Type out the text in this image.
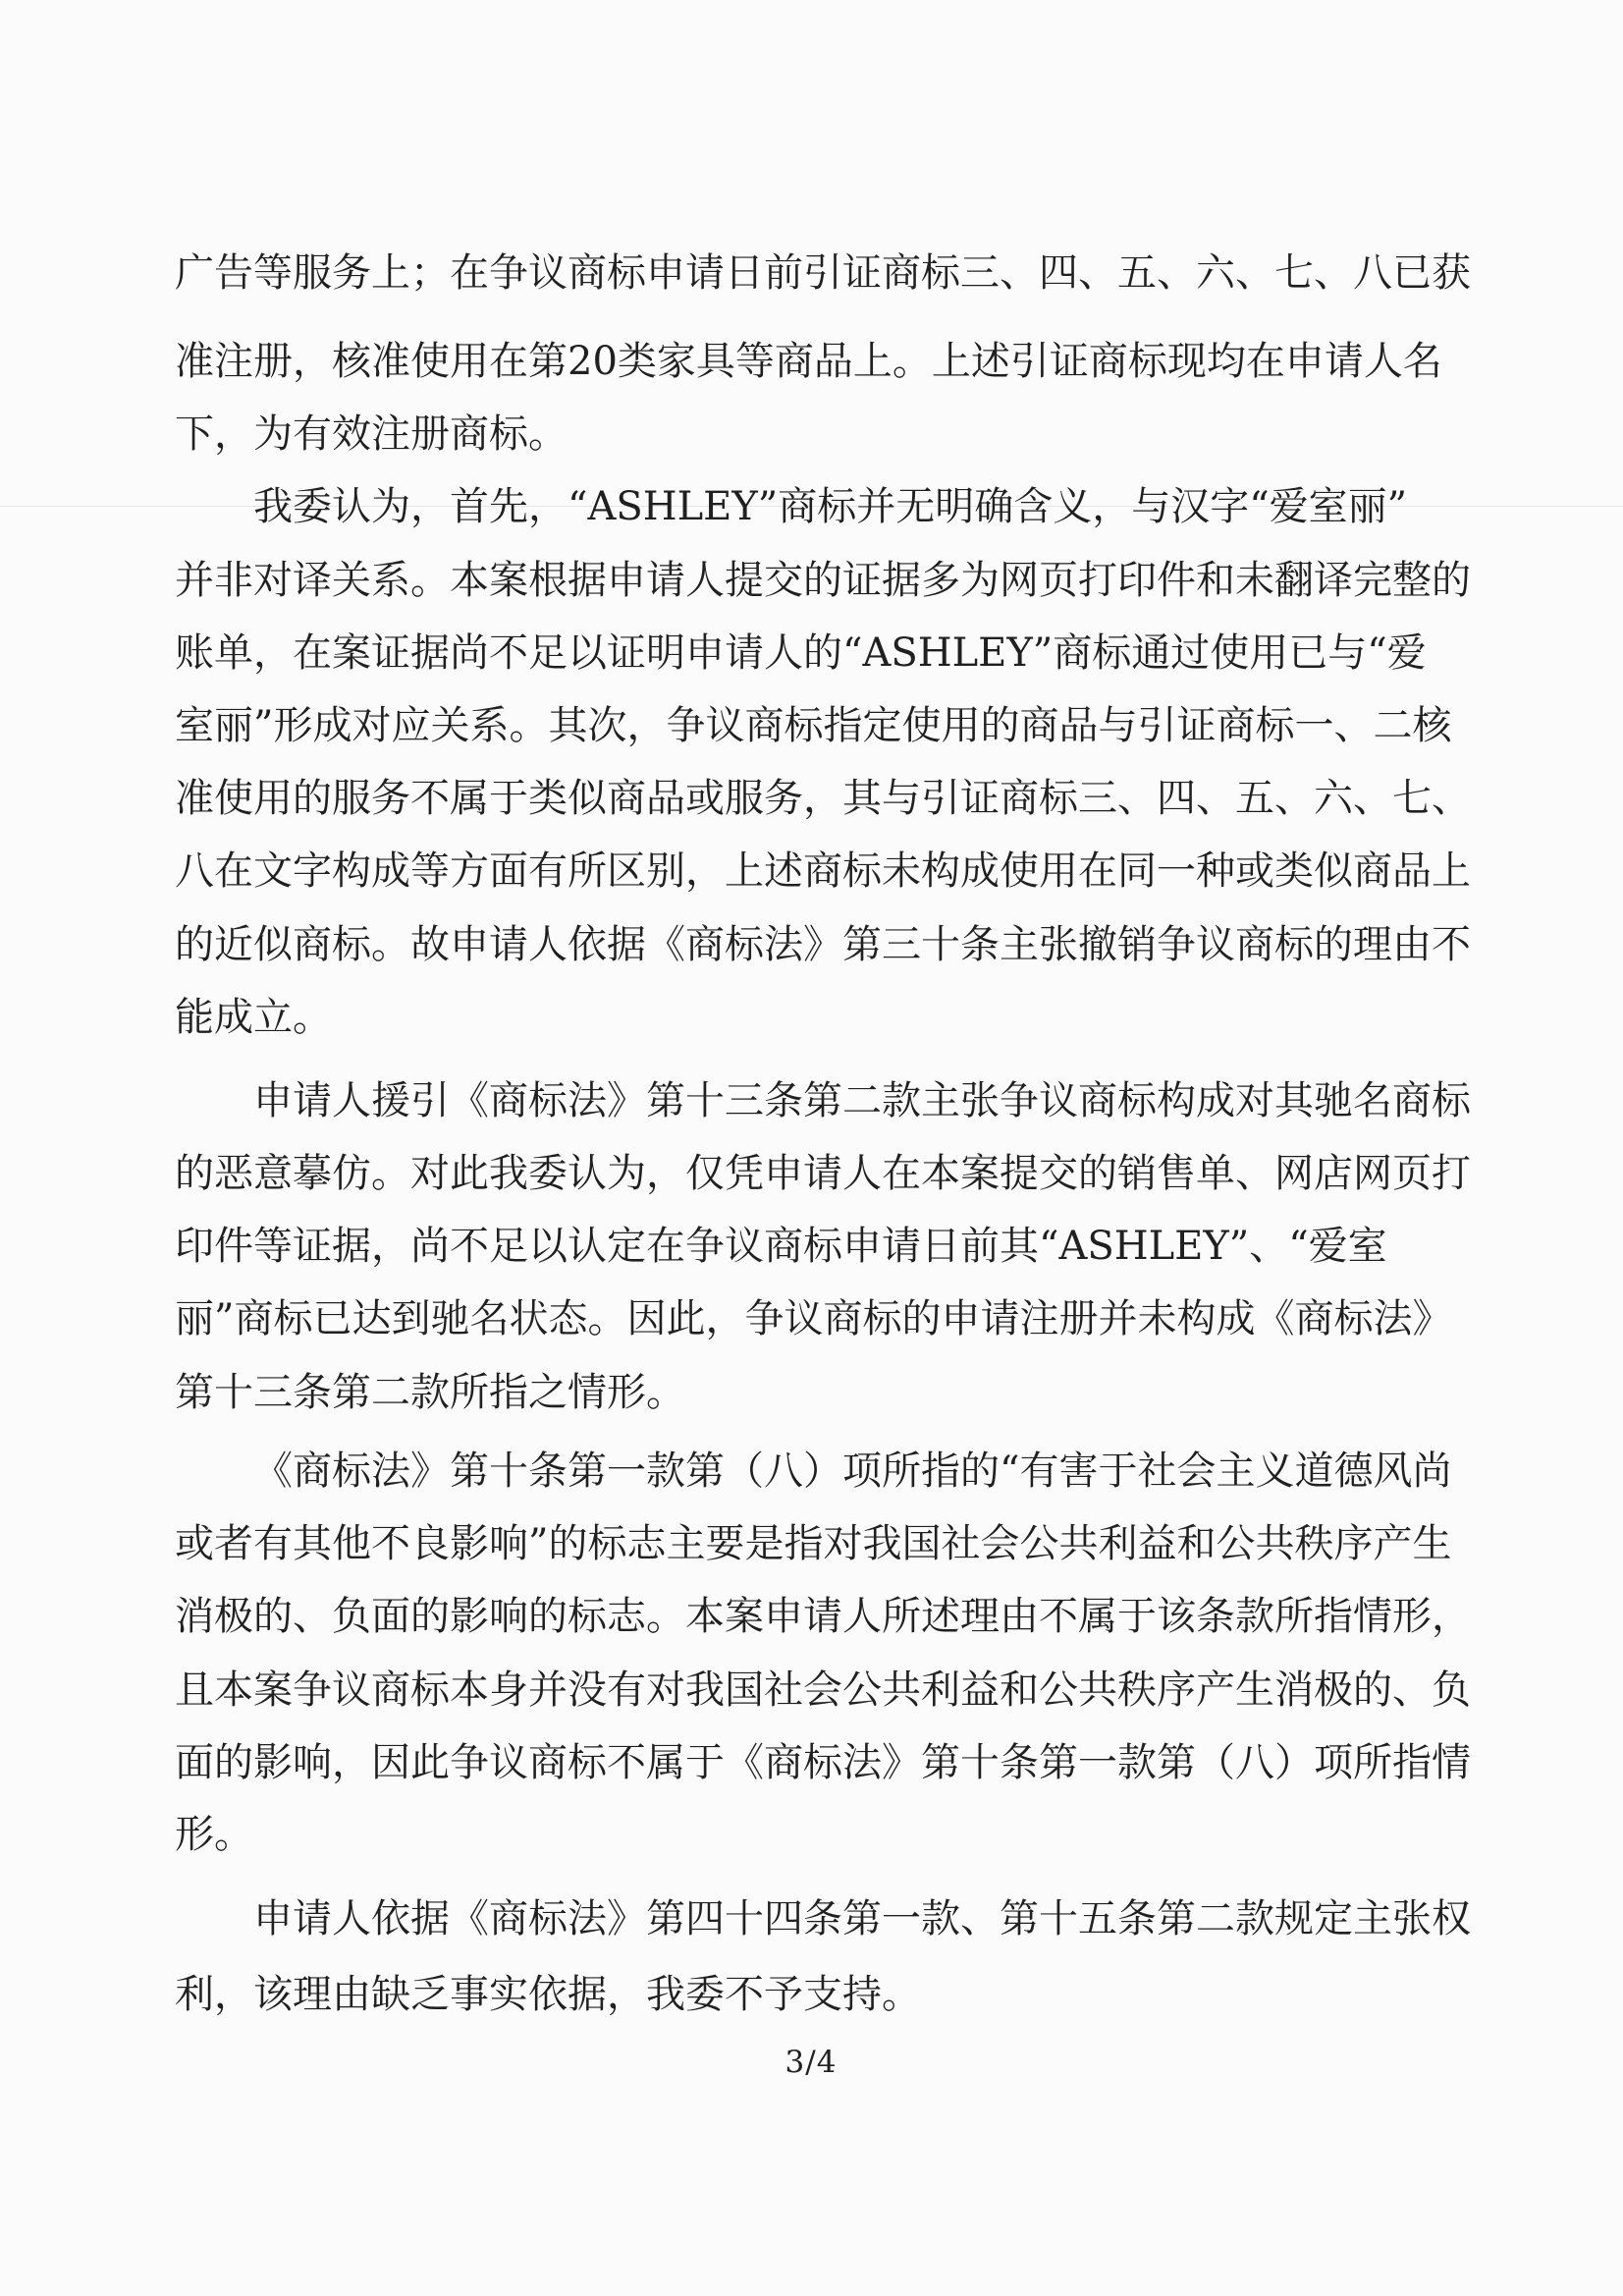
广告等服务上；在争议商标申请日前引证商标三、四、五、六、七、八已获

准注册，核准使用在第20类家具等商品上。上述引证商标现均在申请人名

下，为有效注册商标。

我委认为，首先，“ASHLEY”商标并无明确含义，与汉字“爱室丽”

并非对译关系。本案根据申请人提交的证据多为网页打印件和未翻译完整的

账单，在案证据尚不足以证明申请人的“ASHLEY”商标通过使用已与“爱

室丽”形成对应关系。其次，争议商标指定使用的商品与引证商标一、二核

准使用的服务不属于类似商品或服务，其与引证商标三、四、五、六、七、

八在文字构成等方面有所区别，上述商标未构成使用在同一种或类似商品上

的近似商标。故申请人依据《商标法》第三十条主张撤销争议商标的理由不

能成立。

申请人援引《商标法》第十三条第二款主张争议商标构成对其驰名商标

的恶意摹仿。对此我委认为，仅凭申请人在本案提交的销售单、网店网页打

印件等证据，尚不足以认定在争议商标申请日前其“ASHLEY”、“爱室

丽”商标已达到驰名状态。因此，争议商标的申请注册并未构成《商标法》

第十三条第二款所指之情形。

《商标法》第十条第一款第（八）项所指的“有害于社会主义道德风尚

或者有其他不良影响”的标志主要是指对我国社会公共利益和公共秩序产生

消极的、负面的影响的标志。本案申请人所述理由不属于该条款所指情形，

且本案争议商标本身并没有对我国社会公共利益和公共秩序产生消极的、负

面的影响，因此争议商标不属于《商标法》第十条第一款第（八）项所指情

形。

申请人依据《商标法》第四十四条第一款、第十五条第二款规定主张权

利，该理由缺乏事实依据，我委不予支持。

3/4
